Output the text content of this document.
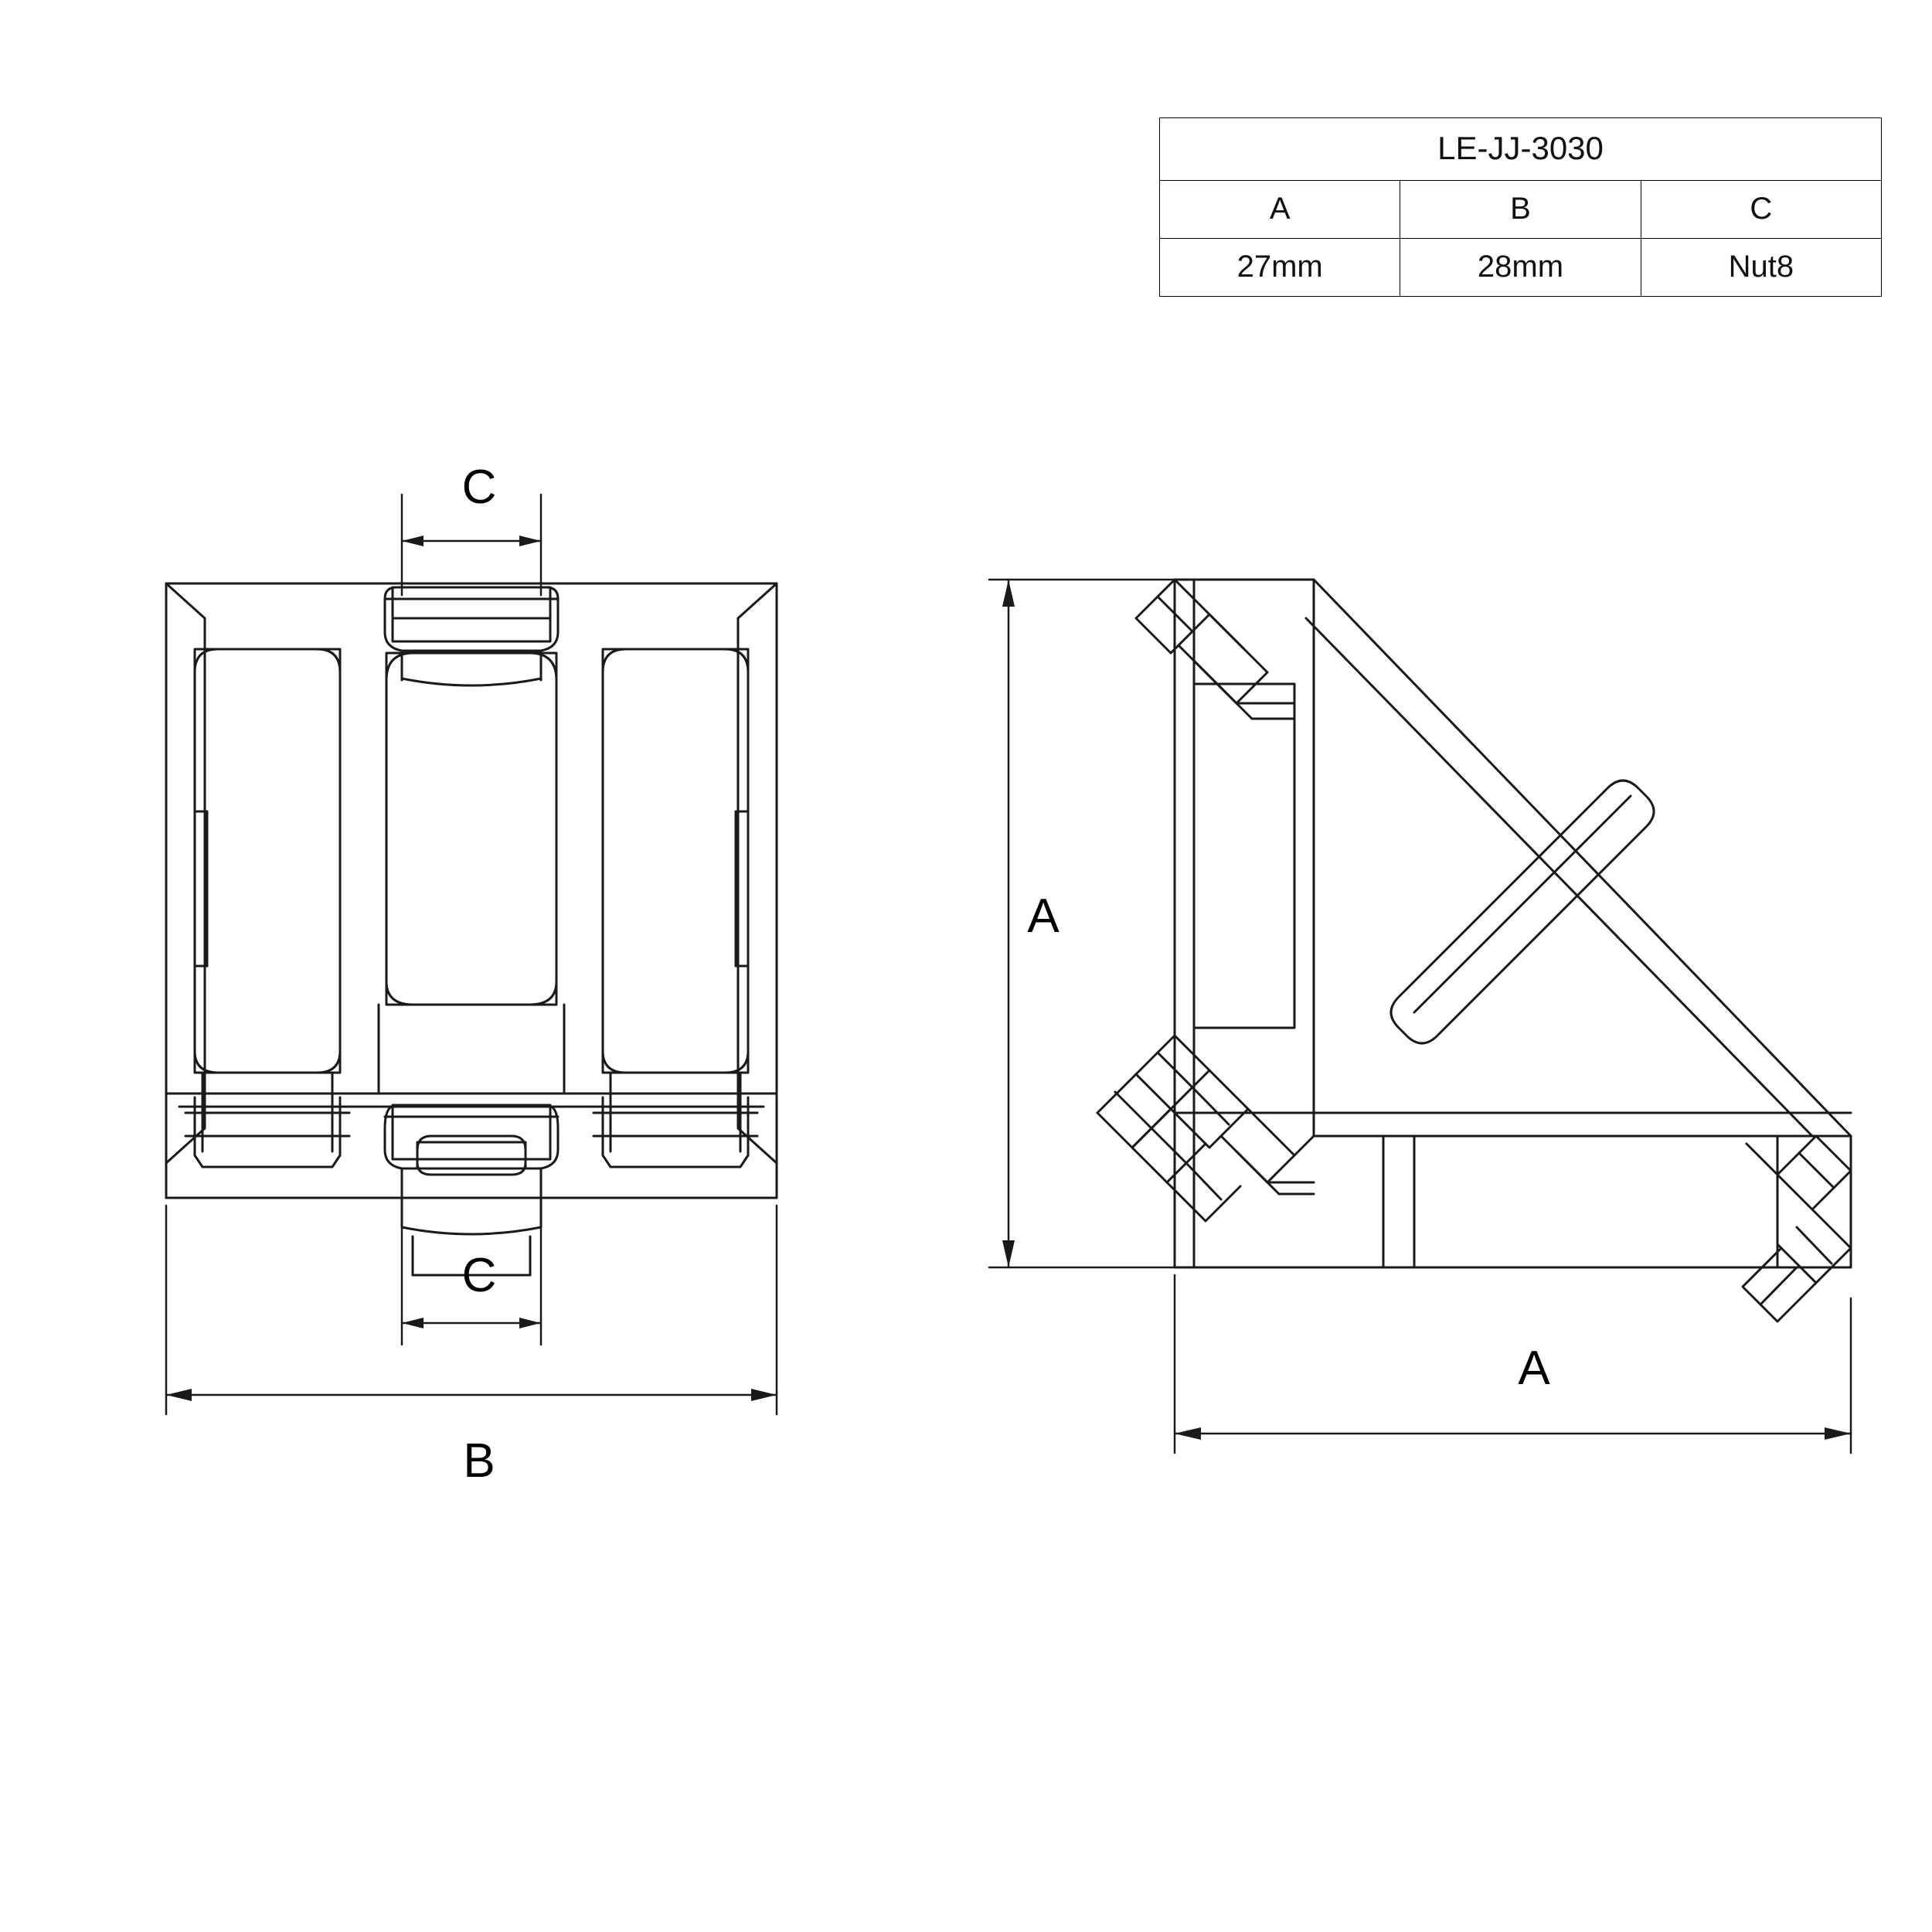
LE-JJ-3030		
A	B	C
27mm	28mm	Nut8
C
C
B
A
A
